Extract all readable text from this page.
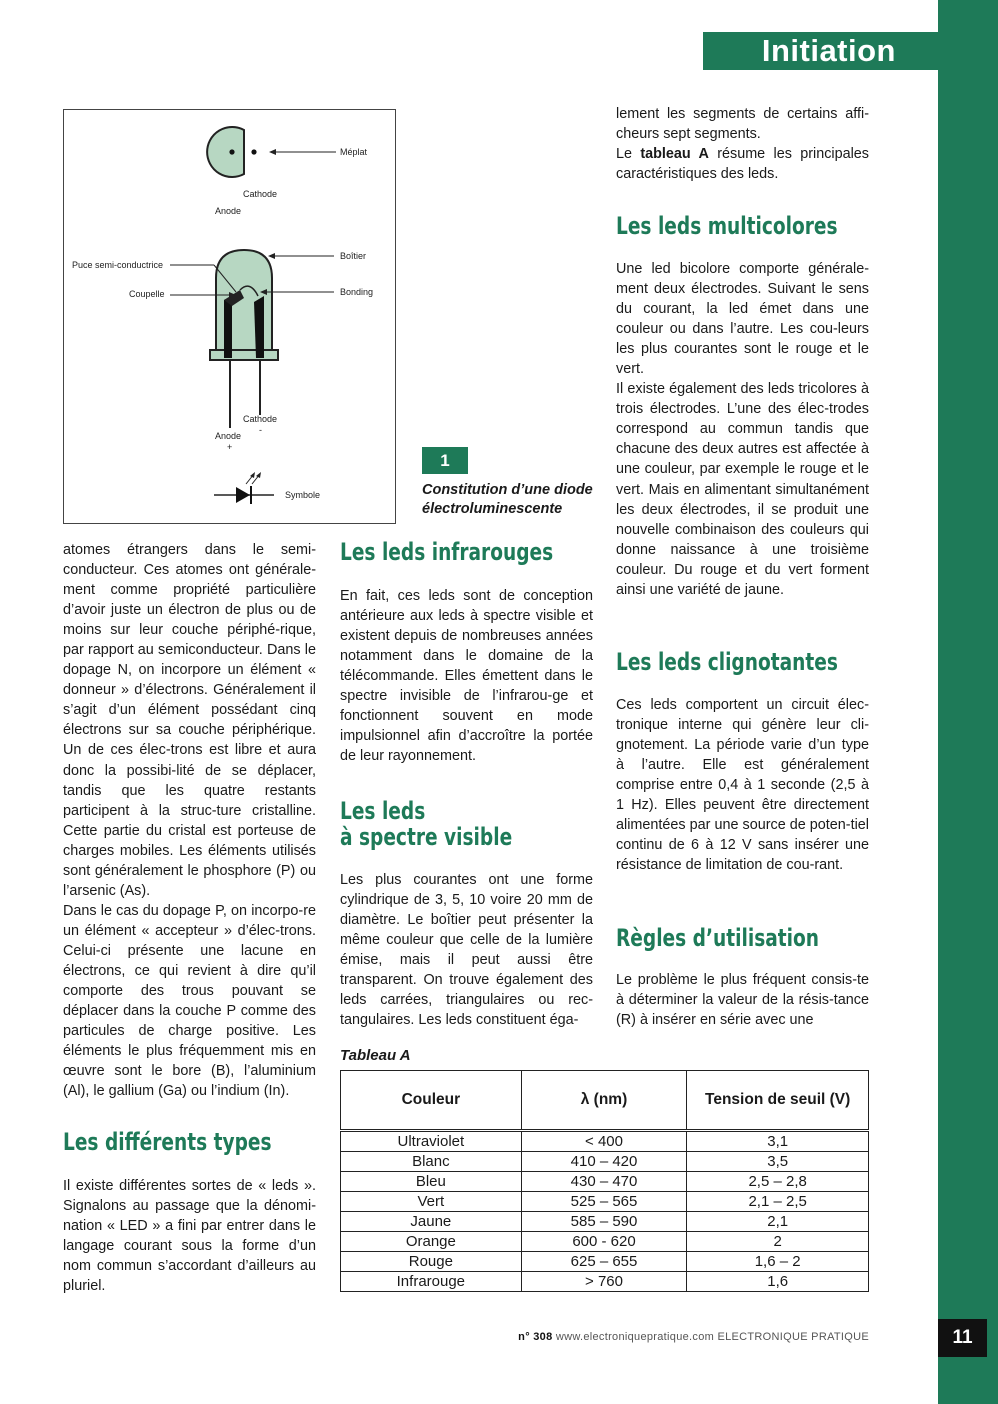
Initiation
Méplat
Cathode
Anode
Puce semi-conductrice
Coupelle
Boîtier
Bonding
Cathode
-
Anode
+
Symbole
1
Constitution d’une diode électroluminescente

atomes étrangers dans le semi-conducteur. Ces atomes ont générale-ment comme propriété particulière d’avoir juste un électron de plus ou de moins sur leur couche périphé-rique, par rapport au semiconducteur. Dans le dopage N, on incorpore un élément « donneur » d’électrons. Généralement il s’agit d’un élément possédant cinq électrons sur sa couche périphérique. Un de ces élec-trons est libre et aura donc la possibi-lité de se déplacer, tandis que les quatre restants participent à la struc-ture cristalline. Cette partie du cristal est porteuse de charges mobiles. Les éléments utilisés sont généralement le phosphore (P) ou l’arsenic (As).

Dans le cas du dopage P, on incorpo-re un élément « accepteur » d’élec-trons. Celui-ci présente une lacune en électrons, ce qui revient à dire qu’il comporte des trous pouvant se déplacer dans la couche P comme des particules de charge positive. Les éléments le plus fréquemment mis en œuvre sont le bore (B), l’aluminium (Al), le gallium (Ga) ou l’indium (In).

Les différents types

Il existe différentes sortes de « leds ». Signalons au passage que la dénomi-nation « LED » a fini par entrer dans le langage courant sous la forme d’un nom commun s’accordant d’ailleurs au pluriel.

Les leds infrarouges

En fait, ces leds sont de conception antérieure aux leds à spectre visible et existent depuis de nombreuses années notamment dans le domaine de la télécommande. Elles émettent dans le spectre invisible de l’infrarou-ge et fonctionnent souvent en mode impulsionnel afin d’accroître la portée de leur rayonnement.

Les leds
à spectre visible

Les plus courantes ont une forme cylindrique de 3, 5, 10 voire 20 mm de diamètre. Le boîtier peut présenter la même couleur que celle de la lumière émise, mais il peut aussi être transparent. On trouve également des leds carrées, triangulaires ou rec-tangulaires. Les leds constituent éga-

lement les segments de certains affi-cheurs sept segments.

Le tableau A résume les principales caractéristiques des leds.

Les leds multicolores

Une led bicolore comporte générale-ment deux électrodes. Suivant le sens du courant, la led émet dans une couleur ou dans l’autre. Les cou-leurs les plus courantes sont le rouge et le vert.

Il existe également des leds tricolores à trois électrodes. L’une des élec-trodes correspond au commun tandis que chacune des deux autres est affectée à une couleur, par exemple le rouge et le vert. Mais en alimentant simultanément les deux électrodes, il se produit une nouvelle combinaison des couleurs qui donne naissance à une troisième couleur. Du rouge et du vert forment ainsi une variété de jaune.

Les leds clignotantes

Ces leds comportent un circuit élec-tronique interne qui génère leur cli-gnotement. La période varie d’un type à l’autre. Elle est généralement comprise entre 0,4 à 1 seconde (2,5 à 1 Hz). Elles peuvent être directement alimentées par une source de poten-tiel continu de 6 à 12 V sans insérer une résistance de limitation de cou-rant.

Règles d’utilisation

Le problème le plus fréquent consis-te à déterminer la valeur de la résis-tance (R) à insérer en série avec une

Tableau A
Couleur	λ (nm)	Tension de seuil (V)
Ultraviolet	< 400	3,1
Blanc	410 – 420	3,5
Bleu	430 – 470	2,5 – 2,8
Vert	525 – 565	2,1 – 2,5
Jaune	585 – 590	2,1
Orange	600 - 620	2
Rouge	625 – 655	1,6 – 2
Infrarouge	> 760	1,6
n° 308 www.electroniquepratique.com ELECTRONIQUE PRATIQUE	11
